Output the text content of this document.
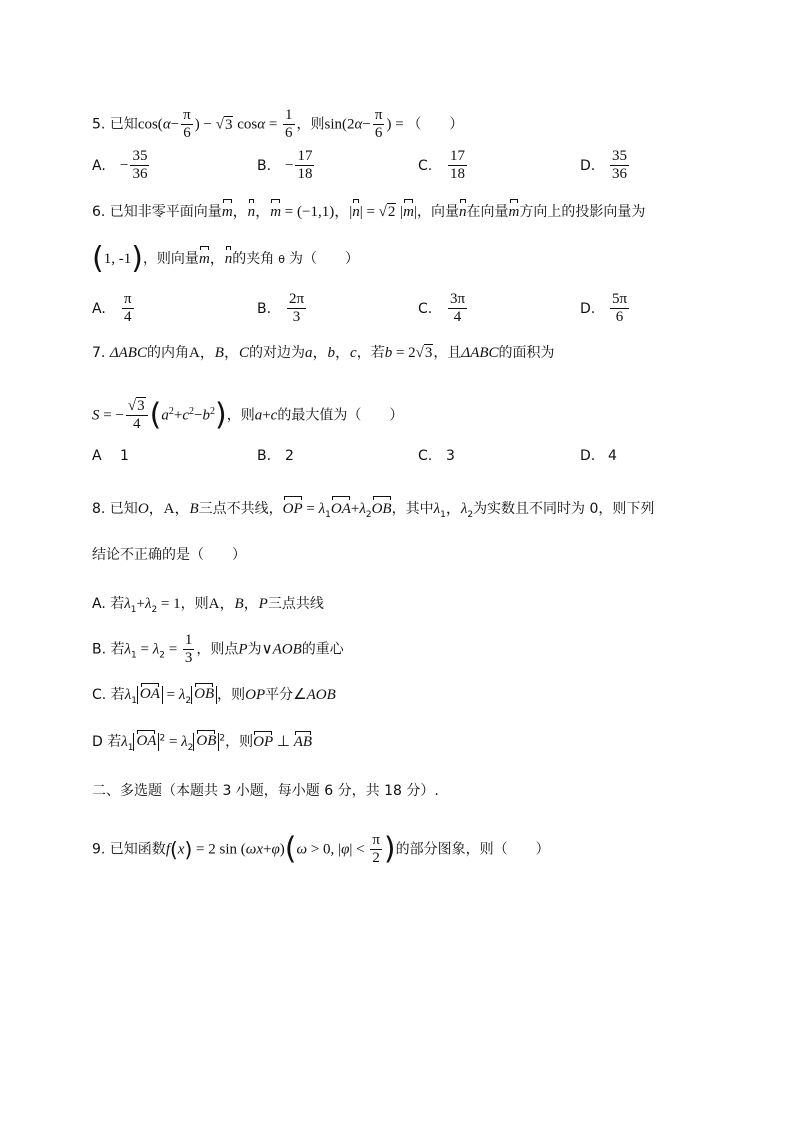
5. 已知$\cos(\alpha- \frac{\pi}{6}$ ) − √3 $\cos\alpha = \frac{1}{6}$ ，则$\sin(2\alpha- \frac{\pi}{6}$ ) = （　　）
A. − $\frac{35}{36}$	B. − $\frac{17}{18}$	C. $\frac{17}{18}$	D. $\frac{35}{36}$
6. 已知非零平面向量m，n，m = (−1,1)，|n| = √2 |m|，向量n在向量m方向上的投影向量为
(1, -1)，则向量m，n的夹角 θ 为（　　）
A. $\frac{\pi}{4}$	B. $\frac{2\pi}{3}$	C. $\frac{3\pi}{4}$	D. $\frac{5\pi}{6}$
7. ΔABC的内角A，B，C的对边为a，b，c，若b = 2√3，且ΔABC的面积为
S = − $\frac{√3}{4} (a^2+c^2-b^2)$，则a+c的最大值为（　　）
A 1	B. 2	C. 3	D. 4
8. 已知O，A，B三点不共线，OP = $\lambda_1OA+\lambda_2OB$，其中$\lambda_1$，$\lambda_2$为实数且不同时为 0，则下列
结论不正确的是（　　）
A. 若$\lambda_1+\lambda_2 = 1$，则A，B，P三点共线
B. 若$\lambda_1 = \lambda_2 = \frac{1}{3}$ ，则点P为∨AOB的重心
C. 若$\lambda_1$ OA = $\lambda_2$ OB ，则OP平分∠AOB
D 若$\lambda_1$ OA $^2 = \lambda_2$ OB $^2$，则OP ⊥ AB
二、多选题（本题共 3 小题，每小题 6 分，共 18 分）.
9. 已知函数f(x) = 2 sin (ωx+φ)(ω > 0, $|\varphi| < \frac{\pi}{2}$ )的部分图象，则（　　）
